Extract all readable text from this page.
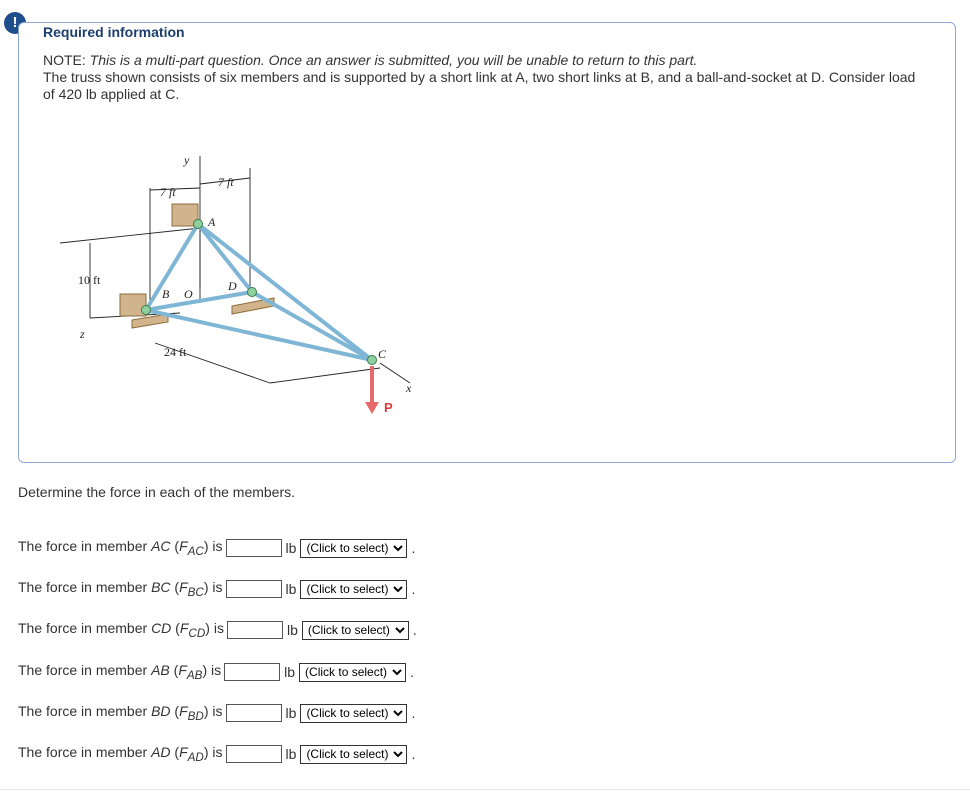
!
Required information
NOTE: This is a multi-part question. Once an answer is submitted, you will be unable to return to this part.
The truss shown consists of six members and is supported by a short link at A, two short links at B, and a ball-and-socket at D. Consider load of 420 lb applied at C.
y
7 ft
7 ft
A
10 ft
B O
D
z
24 ft	C
x
P
Determine the force in each of the members.
The force in member AC $(F_{AC})$ is	lb
(Click to select)	.
The force in member BC $(F_{BC})$ is	lb
(Click to select)	.
The force in member CD $(F_{CD})$ is	lb
(Click to select)	.
The force in member AB $(F_{AB})$ is	lb
(Click to select)	.
The force in member BD $(F_{BD})$ is	lb
(Click to select)	.
The force in member AD $(F_{AD})$ is	lb
(Click to select)	.
